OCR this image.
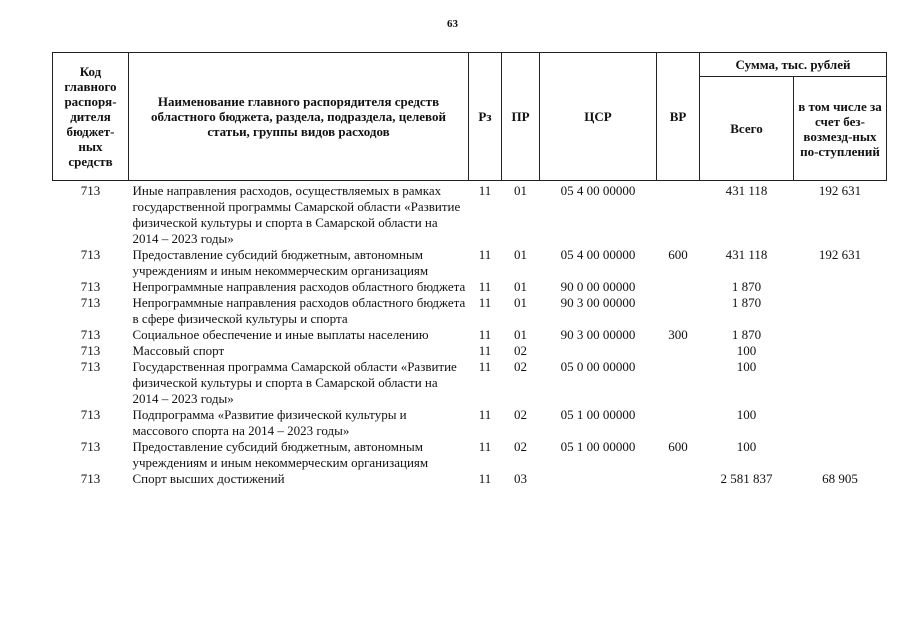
63
Код главного распоря-дителя бюджет-ных средств	Наименование главного распорядителя средств областного бюджета, раздела, подраздела, целевой статьи, группы видов расходов	Рз	ПР	ЦСР	ВР	Сумма, тыс. рублей	
						Всего	в том числе за счет без-возмезд-ных по-ступлений
713	Иные направления расходов, осуществляемых в рамках государственной программы Самарской области «Развитие физической культуры и спорта в Самарской области на 2014 – 2023 годы»	11	01	05 4 00 00000		431 118	192 631
713	Предоставление субсидий бюджетным, автономным учреждениям и иным некоммерческим организациям	11	01	05 4 00 00000	600	431 118	192 631
713	Непрограммные направления расходов областного бюджета	11	01	90 0 00 00000		1 870	
713	Непрограммные направления расходов областного бюджета в сфере физической культуры и спорта	11	01	90 3 00 00000		1 870	
713	Социальное обеспечение и иные выплаты населению	11	01	90 3 00 00000	300	1 870	
713	Массовый спорт	11	02			100	
713	Государственная программа Самарской области «Развитие физической культуры и спорта в Самарской области на 2014 – 2023 годы»	11	02	05 0 00 00000		100	
713	Подпрограмма «Развитие физической культуры и массового спорта на 2014 – 2023 годы»	11	02	05 1 00 00000		100	
713	Предоставление субсидий бюджетным, автономным учреждениям и иным некоммерческим организациям	11	02	05 1 00 00000	600	100	
713	Спорт высших достижений	11	03			2 581 837	68 905
